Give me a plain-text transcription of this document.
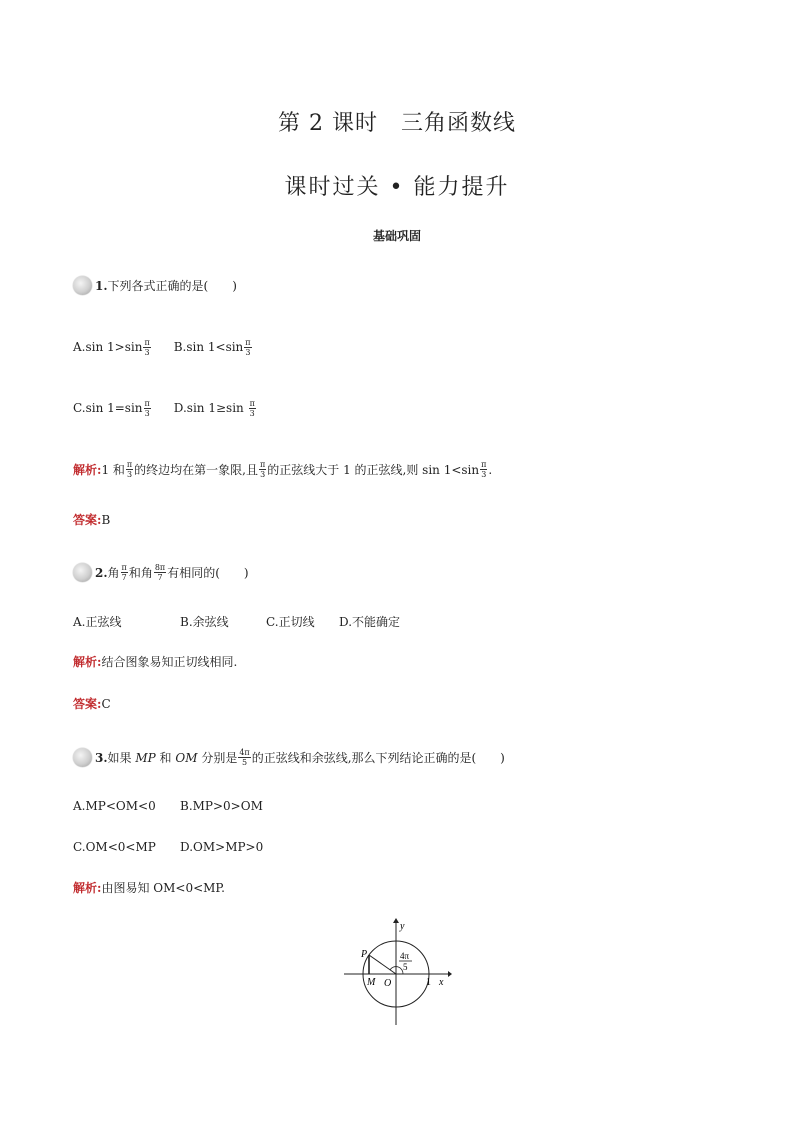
第 2 课时　三角函数线
课时过关 • 能力提升
基础巩固
1. 下列各式正确的是(　　)
A.sin $1>\sin \frac{\pi}{3} B.\sin$ $1<\sin \frac{\pi}{3}$
C.sin $1=\sin \frac{\pi}{3} D.\sin$ $1\ge\sin \frac{\pi}{3}$
解析: 1 和 $\frac{\pi}{3}$ 的终边均在第一象限,且 $\frac{\pi}{3}$ 的正弦线大于 1 的正弦线,则 $\sin 1<\sin \frac{\pi}{3}$ .
答案: B
2. 角 $\frac{\pi}{7}$ 和角 $\frac{8\pi}{7}$ 有相同的(　　)
A.正弦线	B.余弦线	C.正切线	D.不能确定
解析: 结合图象易知正切线相同.
答案: C
3. 如果 MP 和 OM 分别是 $\frac{4\pi}{5}$ 的正弦线和余弦线,那么下列结论正确的是(　　)
A.MP<OM<0	B.MP>0>OM
C.OM<0<MP	D.OM>MP>0
解析: 由图易知 OM<0<MP.
y
x
O
P
M	1
4π
5
